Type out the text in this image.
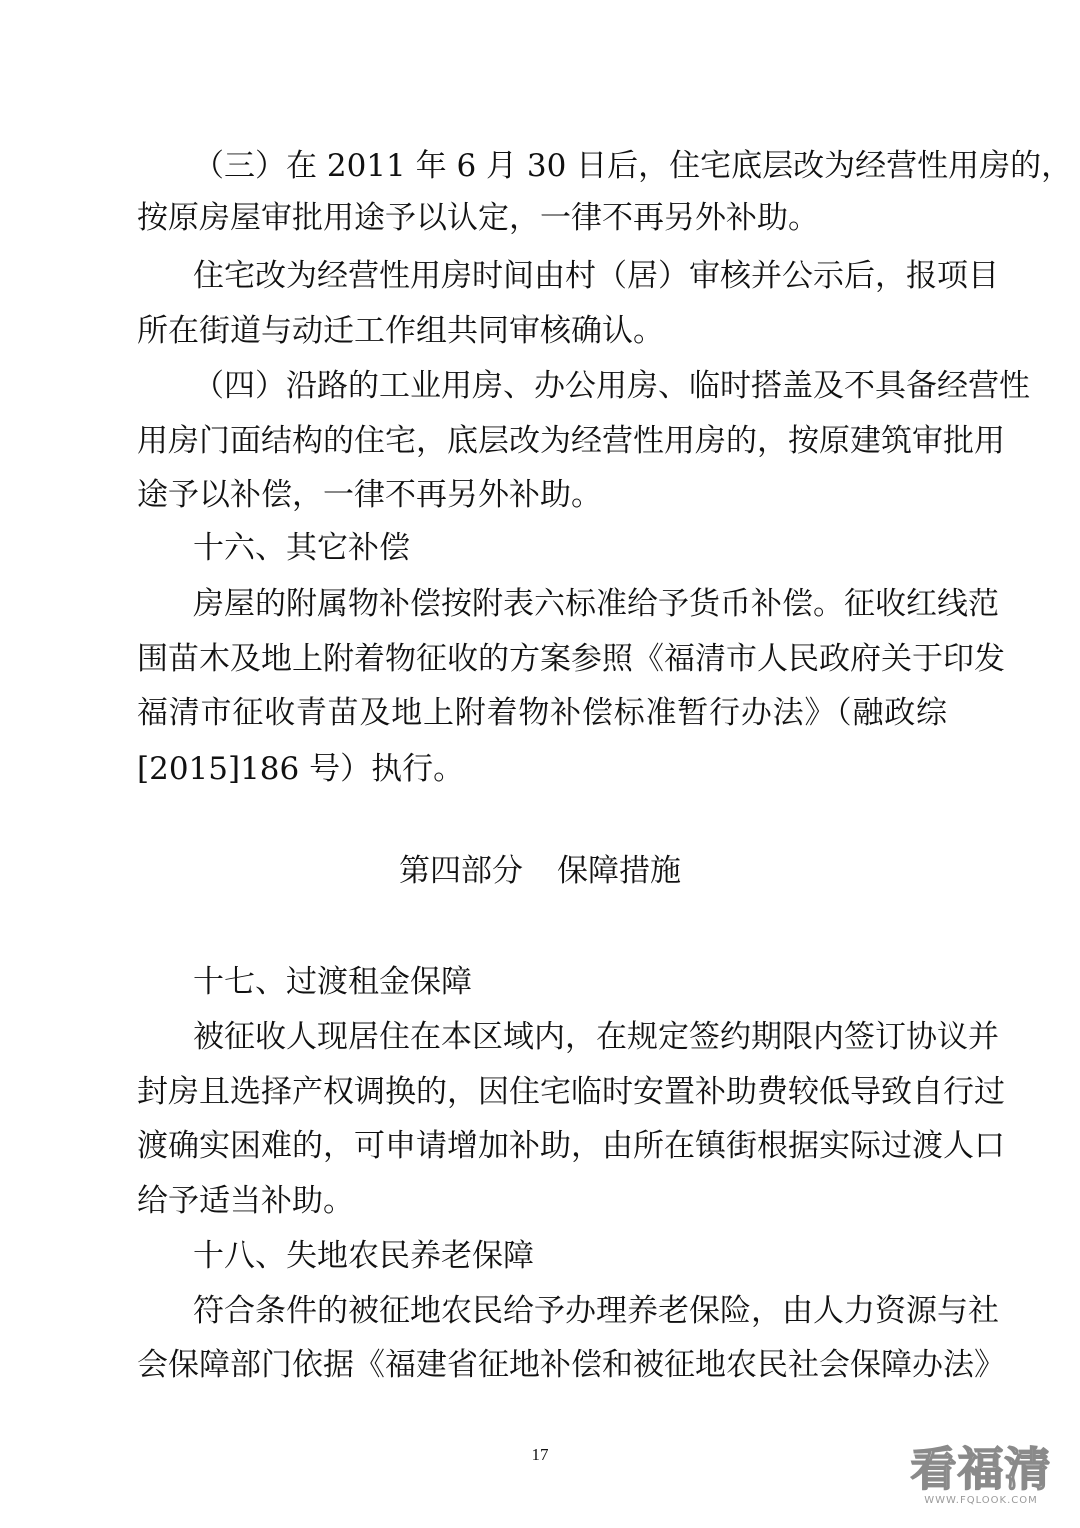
（三）在 2011 年 6 月 30 日后，住宅底层改为经营性用房的，
按原房屋审批用途予以认定，一律不再另外补助。
住宅改为经营性用房时间由村（居）审核并公示后，报项目
所在街道与动迁工作组共同审核确认。
（四）沿路的工业用房、办公用房、临时搭盖及不具备经营性
用房门面结构的住宅，底层改为经营性用房的，按原建筑审批用
途予以补偿，一律不再另外补助。
十六、其它补偿
房屋的附属物补偿按附表六标准给予货币补偿。征收红线范
围苗木及地上附着物征收的方案参照《福清市人民政府关于印发
福清市征收青苗及地上附着物补偿标准暂行办法》（融政综
[2015]186 号）执行。
第四部分 保障措施
十七、过渡租金保障
被征收人现居住在本区域内，在规定签约期限内签订协议并
封房且选择产权调换的，因住宅临时安置补助费较低导致自行过
渡确实困难的，可申请增加补助，由所在镇街根据实际过渡人口
给予适当补助。
十八、失地农民养老保障
符合条件的被征地农民给予办理养老保险，由人力资源与社
会保障部门依据《福建省征地补偿和被征地农民社会保障办法》
17	看福清
WWW.FQLOOK.COM
